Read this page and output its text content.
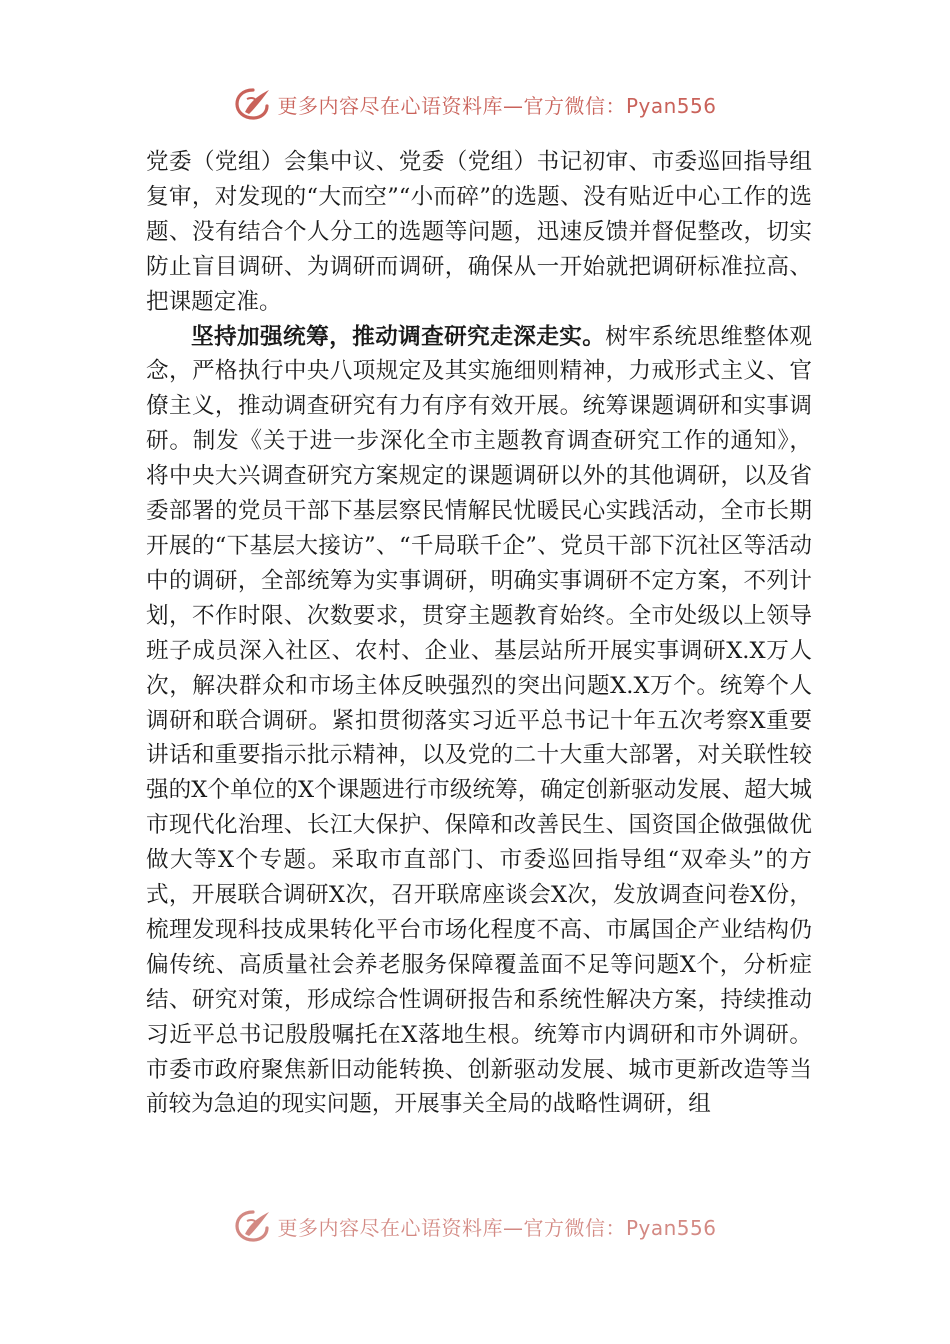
更多内容尽在心语资料库—官方微信：Pyan556

党委（党组）会集中议、党委（党组）书记初审、市委巡回指导组复审，对发现的“大而空”“小而碎”的选题、没有贴近中心工作的选题、没有结合个人分工的选题等问题，迅速反馈并督促整改，切实防止盲目调研、为调研而调研，确保从一开始就把调研标准拉高、把课题定准。

坚持加强统筹，推动调查研究走深走实。树牢系统思维整体观念，严格执行中央八项规定及其实施细则精神，力戒形式主义、官僚主义，推动调查研究有力有序有效开展。统筹课题调研和实事调研。制发《关于进一步深化全市主题教育调查研究工作的通知》，将中央大兴调查研究方案规定的课题调研以外的其他调研，以及省委部署的党员干部下基层察民情解民忧暖民心实践活动，全市长期开展的“下基层大接访”、“千局联千企”、党员干部下沉社区等活动中的调研，全部统筹为实事调研，明确实事调研不定方案，不列计划，不作时限、次数要求，贯穿主题教育始终。全市处级以上领导班子成员深入社区、农村、企业、基层站所开展实事调研X.X万人次，解决群众和市场主体反映强烈的突出问题X.X万个。统筹个人调研和联合调研。紧扣贯彻落实习近平总书记十年五次考察X重要讲话和重要指示批示精神，以及党的二十大重大部署，对关联性较强的X个单位的X个课题进行市级统筹，确定创新驱动发展、超大城市现代化治理、长江大保护、保障和改善民生、国资国企做强做优做大等X个专题。采取市直部门、市委巡回指导组“双牵头”的方式，开展联合调研X次，召开联席座谈会X次，发放调查问卷X份，梳理发现科技成果转化平台市场化程度不高、市属国企产业结构仍偏传统、高质量社会养老服务保障覆盖面不足等问题X个，分析症结、研究对策，形成综合性调研报告和系统性解决方案，持续推动习近平总书记殷殷嘱托在X落地生根。统筹市内调研和市外调研。市委市政府聚焦新旧动能转换、创新驱动发展、城市更新改造等当前较为急迫的现实问题，开展事关全局的战略性调研，组

更多内容尽在心语资料库—官方微信：Pyan556
